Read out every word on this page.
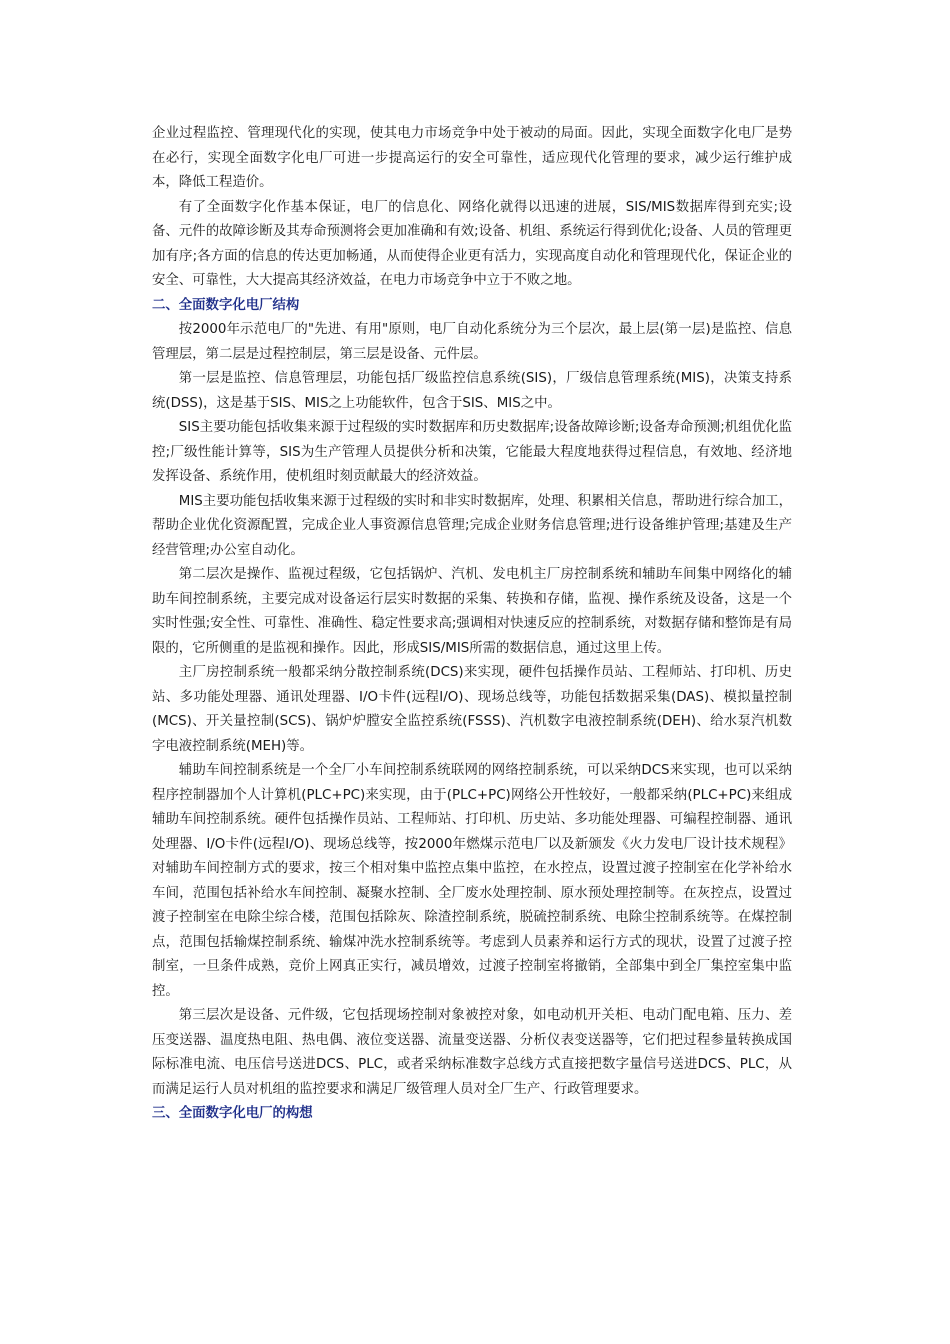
企业过程监控、管理现代化的实现，使其电力市场竞争中处于被动的局面。因此，实现全面数字化电厂是势在必行，实现全面数字化电厂可进一步提高运行的安全可靠性，适应现代化管理的要求，减少运行维护成本，降低工程造价。

有了全面数字化作基本保证，电厂的信息化、网络化就得以迅速的进展，SIS/MIS数据库得到充实;设备、元件的故障诊断及其寿命预测将会更加准确和有效;设备、机组、系统运行得到优化;设备、人员的管理更加有序;各方面的信息的传达更加畅通，从而使得企业更有活力，实现高度自动化和管理现代化，保证企业的安全、可靠性，大大提高其经济效益，在电力市场竞争中立于不败之地。

二、全面数字化电厂结构

按2000年示范电厂的"先进、有用"原则，电厂自动化系统分为三个层次，最上层(第一层)是监控、信息管理层，第二层是过程控制层，第三层是设备、元件层。

第一层是监控、信息管理层，功能包括厂级监控信息系统(SIS)，厂级信息管理系统(MIS)，决策支持系统(DSS)，这是基于SIS、MIS之上功能软件，包含于SIS、MIS之中。

SIS主要功能包括收集来源于过程级的实时数据库和历史数据库;设备故障诊断;设备寿命预测;机组优化监控;厂级性能计算等，SIS为生产管理人员提供分析和决策，它能最大程度地获得过程信息，有效地、经济地发挥设备、系统作用，使机组时刻贡献最大的经济效益。

MIS主要功能包括收集来源于过程级的实时和非实时数据库，处理、积累相关信息，帮助进行综合加工，帮助企业优化资源配置，完成企业人事资源信息管理;完成企业财务信息管理;进行设备维护管理;基建及生产经营管理;办公室自动化。

第二层次是操作、监视过程级，它包括锅炉、汽机、发电机主厂房控制系统和辅助车间集中网络化的辅助车间控制系统，主要完成对设备运行层实时数据的采集、转换和存储，监视、操作系统及设备，这是一个实时性强;安全性、可靠性、准确性、稳定性要求高;强调相对快速反应的控制系统，对数据存储和整饰是有局限的，它所侧重的是监视和操作。因此，形成SIS/MIS所需的数据信息，通过这里上传。

主厂房控制系统一般都采纳分散控制系统(DCS)来实现，硬件包括操作员站、工程师站、打印机、历史站、多功能处理器、通讯处理器、I/O卡件(远程I/O)、现场总线等，功能包括数据采集(DAS)、模拟量控制(MCS)、开关量控制(SCS)、锅炉炉膛安全监控系统(FSSS)、汽机数字电液控制系统(DEH)、给水泵汽机数字电液控制系统(MEH)等。

辅助车间控制系统是一个全厂小车间控制系统联网的网络控制系统，可以采纳DCS来实现，也可以采纳程序控制器加个人计算机(PLC+PC)来实现，由于(PLC+PC)网络公开性较好，一般都采纳(PLC+PC)来组成辅助车间控制系统。硬件包括操作员站、工程师站、打印机、历史站、多功能处理器、可编程控制器、通讯处理器、I/O卡件(远程I/O)、现场总线等，按2000年燃煤示范电厂以及新颁发《火力发电厂设计技术规程》对辅助车间控制方式的要求，按三个相对集中监控点集中监控，在水控点，设置过渡子控制室在化学补给水车间，范围包括补给水车间控制、凝聚水控制、全厂废水处理控制、原水预处理控制等。在灰控点，设置过渡子控制室在电除尘综合楼，范围包括除灰、除渣控制系统，脱硫控制系统、电除尘控制系统等。在煤控制点，范围包括输煤控制系统、输煤冲洗水控制系统等。考虑到人员素养和运行方式的现状，设置了过渡子控制室，一旦条件成熟，竞价上网真正实行，减员增效，过渡子控制室将撤销，全部集中到全厂集控室集中监控。

第三层次是设备、元件级，它包括现场控制对象被控对象，如电动机开关柜、电动门配电箱、压力、差压变送器、温度热电阻、热电偶、液位变送器、流量变送器、分析仪表变送器等，它们把过程参量转换成国际标准电流、电压信号送进DCS、PLC，或者采纳标准数字总线方式直接把数字量信号送进DCS、PLC，从而满足运行人员对机组的监控要求和满足厂级管理人员对全厂生产、行政管理要求。

三、全面数字化电厂的构想
